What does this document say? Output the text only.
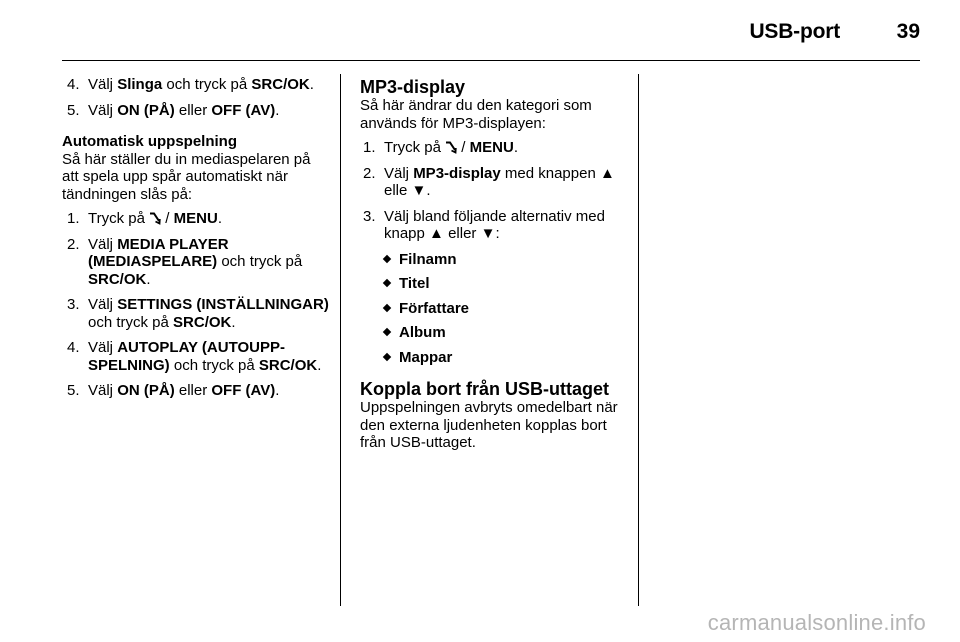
USB-port	39
4. Välj Slinga och tryck på SRC/OK.
5. Välj ON (PÅ) eller OFF (AV).
Automatisk uppspelning

Så här ställer du in mediaspelaren på att spela upp spår automatiskt när tändningen slås på:

1. Tryck på  / MENU.
2. Välj MEDIA PLAYER (MEDIASPELARE) och tryck på SRC/OK.
3. Välj SETTINGS (INSTÄLLNINGAR) och tryck på SRC/OK.
4. Välj AUTOPLAY (AUTOUPP-SPELNING) och tryck på SRC/OK.
5. Välj ON (PÅ) eller OFF (AV).
MP3-display

Så här ändrar du den kategori som används för MP3-displayen:

1. Tryck på  / MENU.
2. Välj MP3-display med knappen ▲ elle ▼.
3. Välj bland följande alternativ med knapp ▲ eller ▼:
Filnamn
Titel
Författare
Album
Mappar
Koppla bort från USB-uttaget

Uppspelningen avbryts omedelbart när den externa ljudenheten kopplas bort från USB-uttaget.

carmanualsonline.info
